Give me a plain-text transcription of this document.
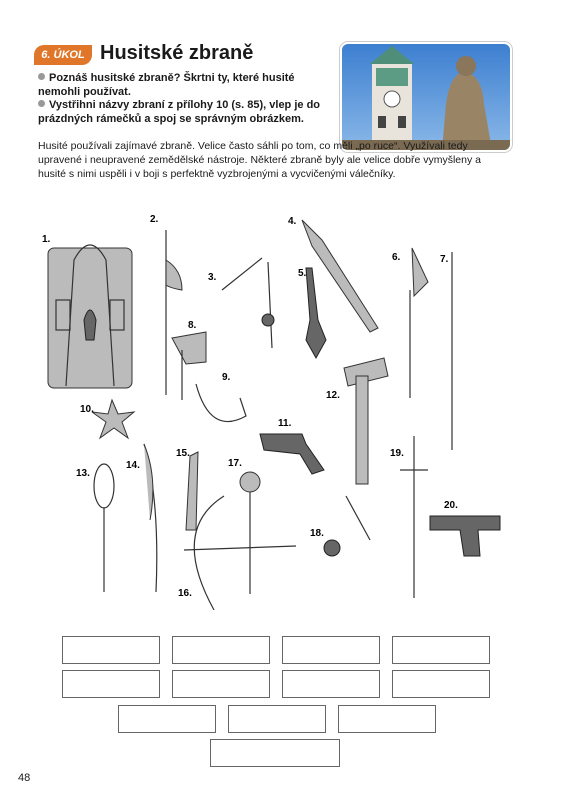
6. ÚKOL Husitské zbraně
Poznáš husitské zbraně? Škrtni ty, které husité nemohli používat.
Vystřihni názvy zbraní z přílohy 10 (s. 85), vlep je do prázdných rámečků a spoj se správným obrázkem.
Husité používali zajímavé zbraně. Velice často sáhli po tom, co měli „po ruce“. Využívali tedy upravené i neupravené zemědělské nástroje. Některé zbraně byly ale velice dobře vymyšleny a husité s nimi uspěli i v boji s perfektně vyzbrojenými a vycvičenými válečníky.
1.
2.
3.
4.
5.
6.	7.
8.
9.
10.
11.
12.
13.
14.
15.
16.
17.
18.
19.
20.
48
